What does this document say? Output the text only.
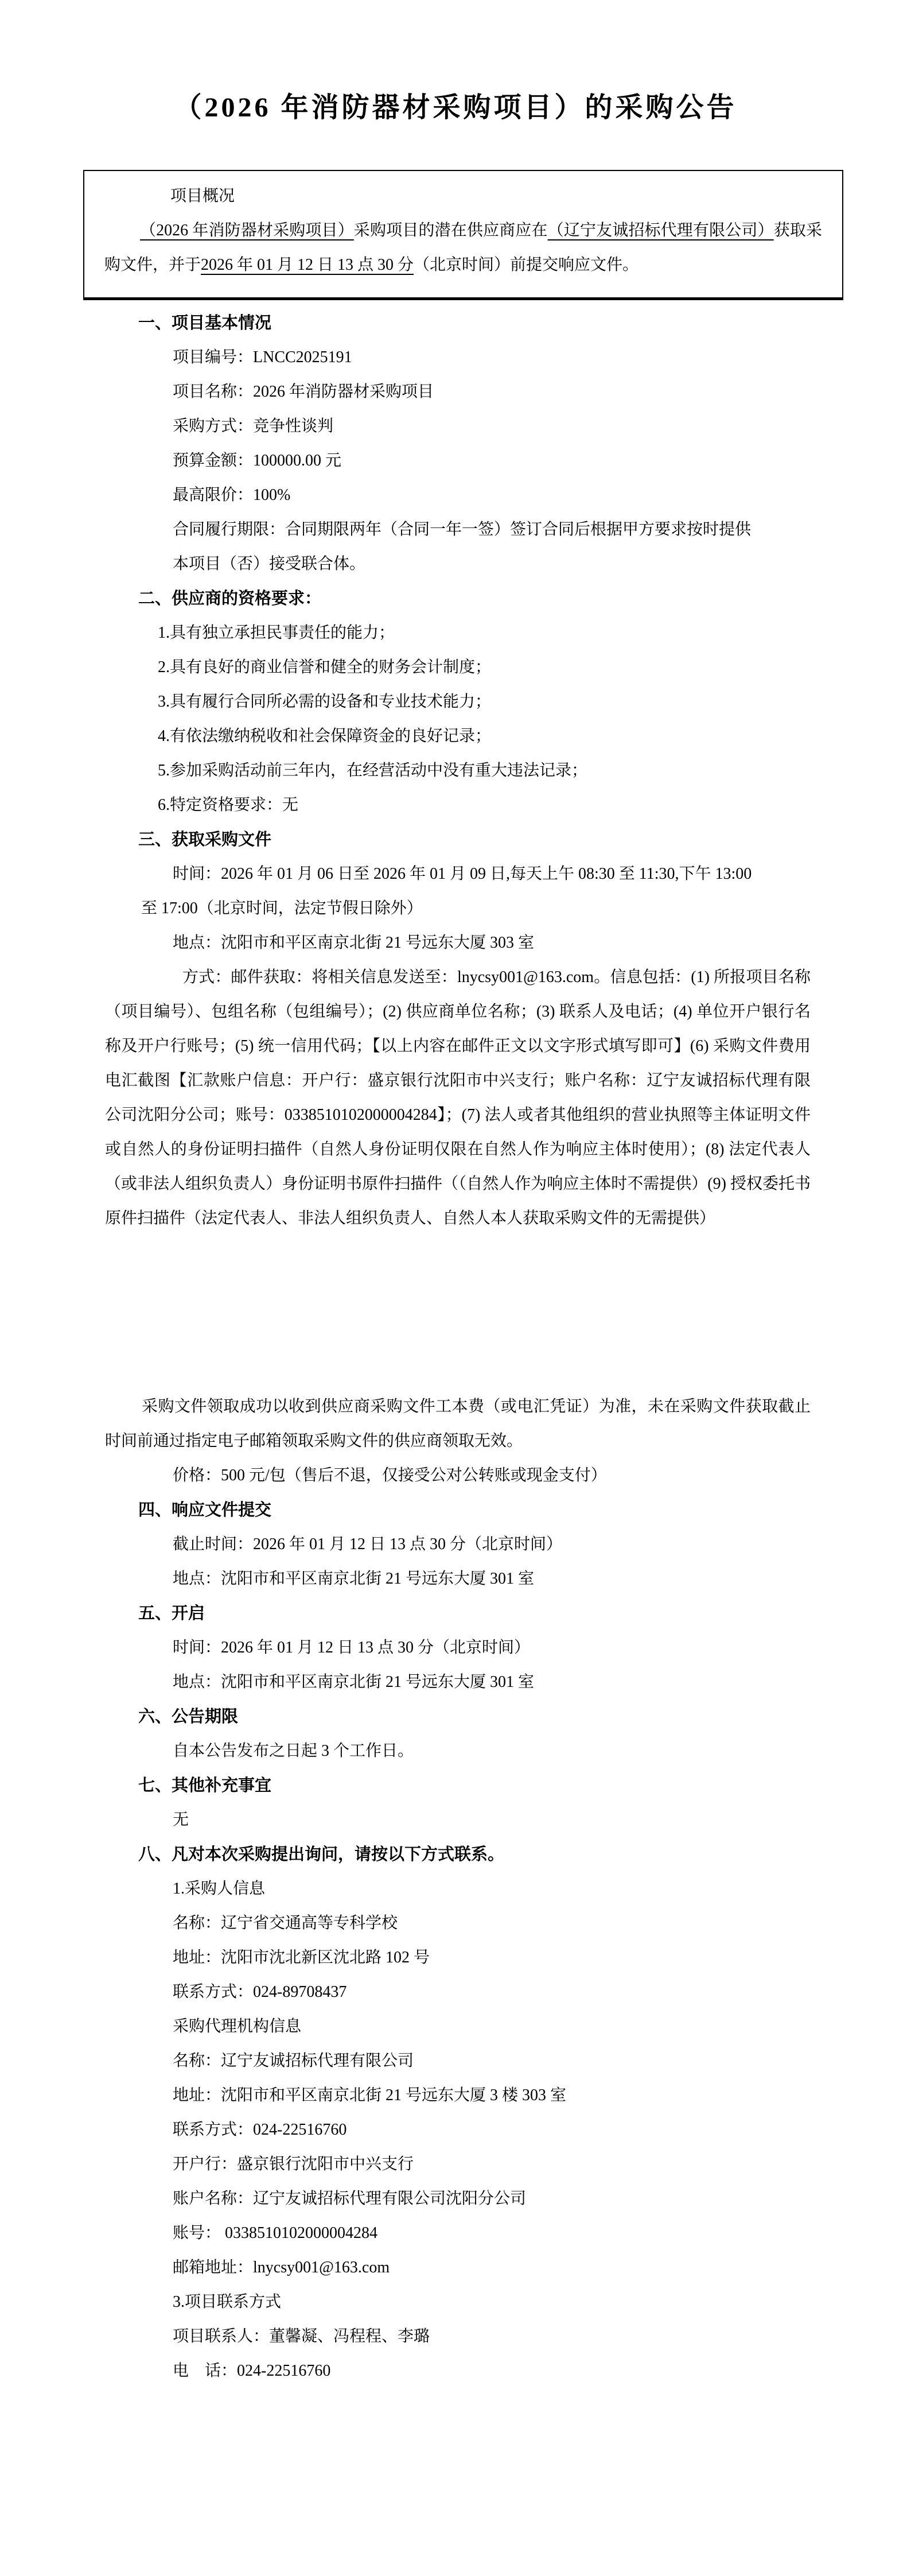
（2026 年消防器材采购项目）的采购公告
项目概况
（2026 年消防器材采购项目）采购项目的潜在供应商应在（辽宁友诚招标代理有限公司）获取采购文件，并于2026 年 01 月 12 日 13 点 30 分（北京时间）前提交响应文件。
一、项目基本情况
项目编号：LNCC2025191
项目名称：2026 年消防器材采购项目
采购方式：竞争性谈判
预算金额：100000.00 元
最高限价：100%
合同履行期限：合同期限两年（合同一年一签）签订合同后根据甲方要求按时提供
本项目（否）接受联合体。
二、供应商的资格要求：
1.具有独立承担民事责任的能力；
2.具有良好的商业信誉和健全的财务会计制度；
3.具有履行合同所必需的设备和专业技术能力；
4.有依法缴纳税收和社会保障资金的良好记录；
5.参加采购活动前三年内，在经营活动中没有重大违法记录；
6.特定资格要求：无
三、获取采购文件
时间：2026 年 01 月 06 日至 2026 年 01 月 09 日,每天上午 08:30 至 11:30,下午 13:00
至 17:00（北京时间，法定节假日除外）
地点：沈阳市和平区南京北街 21 号远东大厦 303 室
方式：邮件获取：将相关信息发送至：lnycsy001@163.com。信息包括：(1) 所报项目名称（项目编号）、包组名称（包组编号）；(2) 供应商单位名称；(3) 联系人及电话；(4) 单位开户银行名称及开户行账号；(5) 统一信用代码；【以上内容在邮件正文以文字形式填写即可】(6) 采购文件费用电汇截图【汇款账户信息：开户行：盛京银行沈阳市中兴支行；账户名称：辽宁友诚招标代理有限公司沈阳分公司；账号：0338510102000004284】；(7) 法人或者其他组织的营业执照等主体证明文件或自然人的身份证明扫描件（自然人身份证明仅限在自然人作为响应主体时使用）；(8) 法定代表人（或非法人组织负责人）身份证明书原件扫描件（（自然人作为响应主体时不需提供）(9) 授权委托书原件扫描件（法定代表人、非法人组织负责人、自然人本人获取采购文件的无需提供）
采购文件领取成功以收到供应商采购文件工本费（或电汇凭证）为准，未在采购文件获取截止时间前通过指定电子邮箱领取采购文件的供应商领取无效。
价格：500 元/包（售后不退，仅接受公对公转账或现金支付）
四、响应文件提交
截止时间：2026 年 01 月 12 日 13 点 30 分（北京时间）
地点：沈阳市和平区南京北街 21 号远东大厦 301 室
五、开启
时间：2026 年 01 月 12 日 13 点 30 分（北京时间）
地点：沈阳市和平区南京北街 21 号远东大厦 301 室
六、公告期限
自本公告发布之日起 3 个工作日。
七、其他补充事宜
无
八、凡对本次采购提出询问，请按以下方式联系。
1.采购人信息
名称：辽宁省交通高等专科学校
地址：沈阳市沈北新区沈北路 102 号
联系方式：024-89708437
采购代理机构信息
名称：辽宁友诚招标代理有限公司
地址：沈阳市和平区南京北街 21 号远东大厦 3 楼 303 室
联系方式：024-22516760
开户行：盛京银行沈阳市中兴支行
账户名称：辽宁友诚招标代理有限公司沈阳分公司
账号： 0338510102000004284
邮箱地址：lnycsy001@163.com
3.项目联系方式
项目联系人：董馨凝、冯程程、李璐
电　话：024-22516760
